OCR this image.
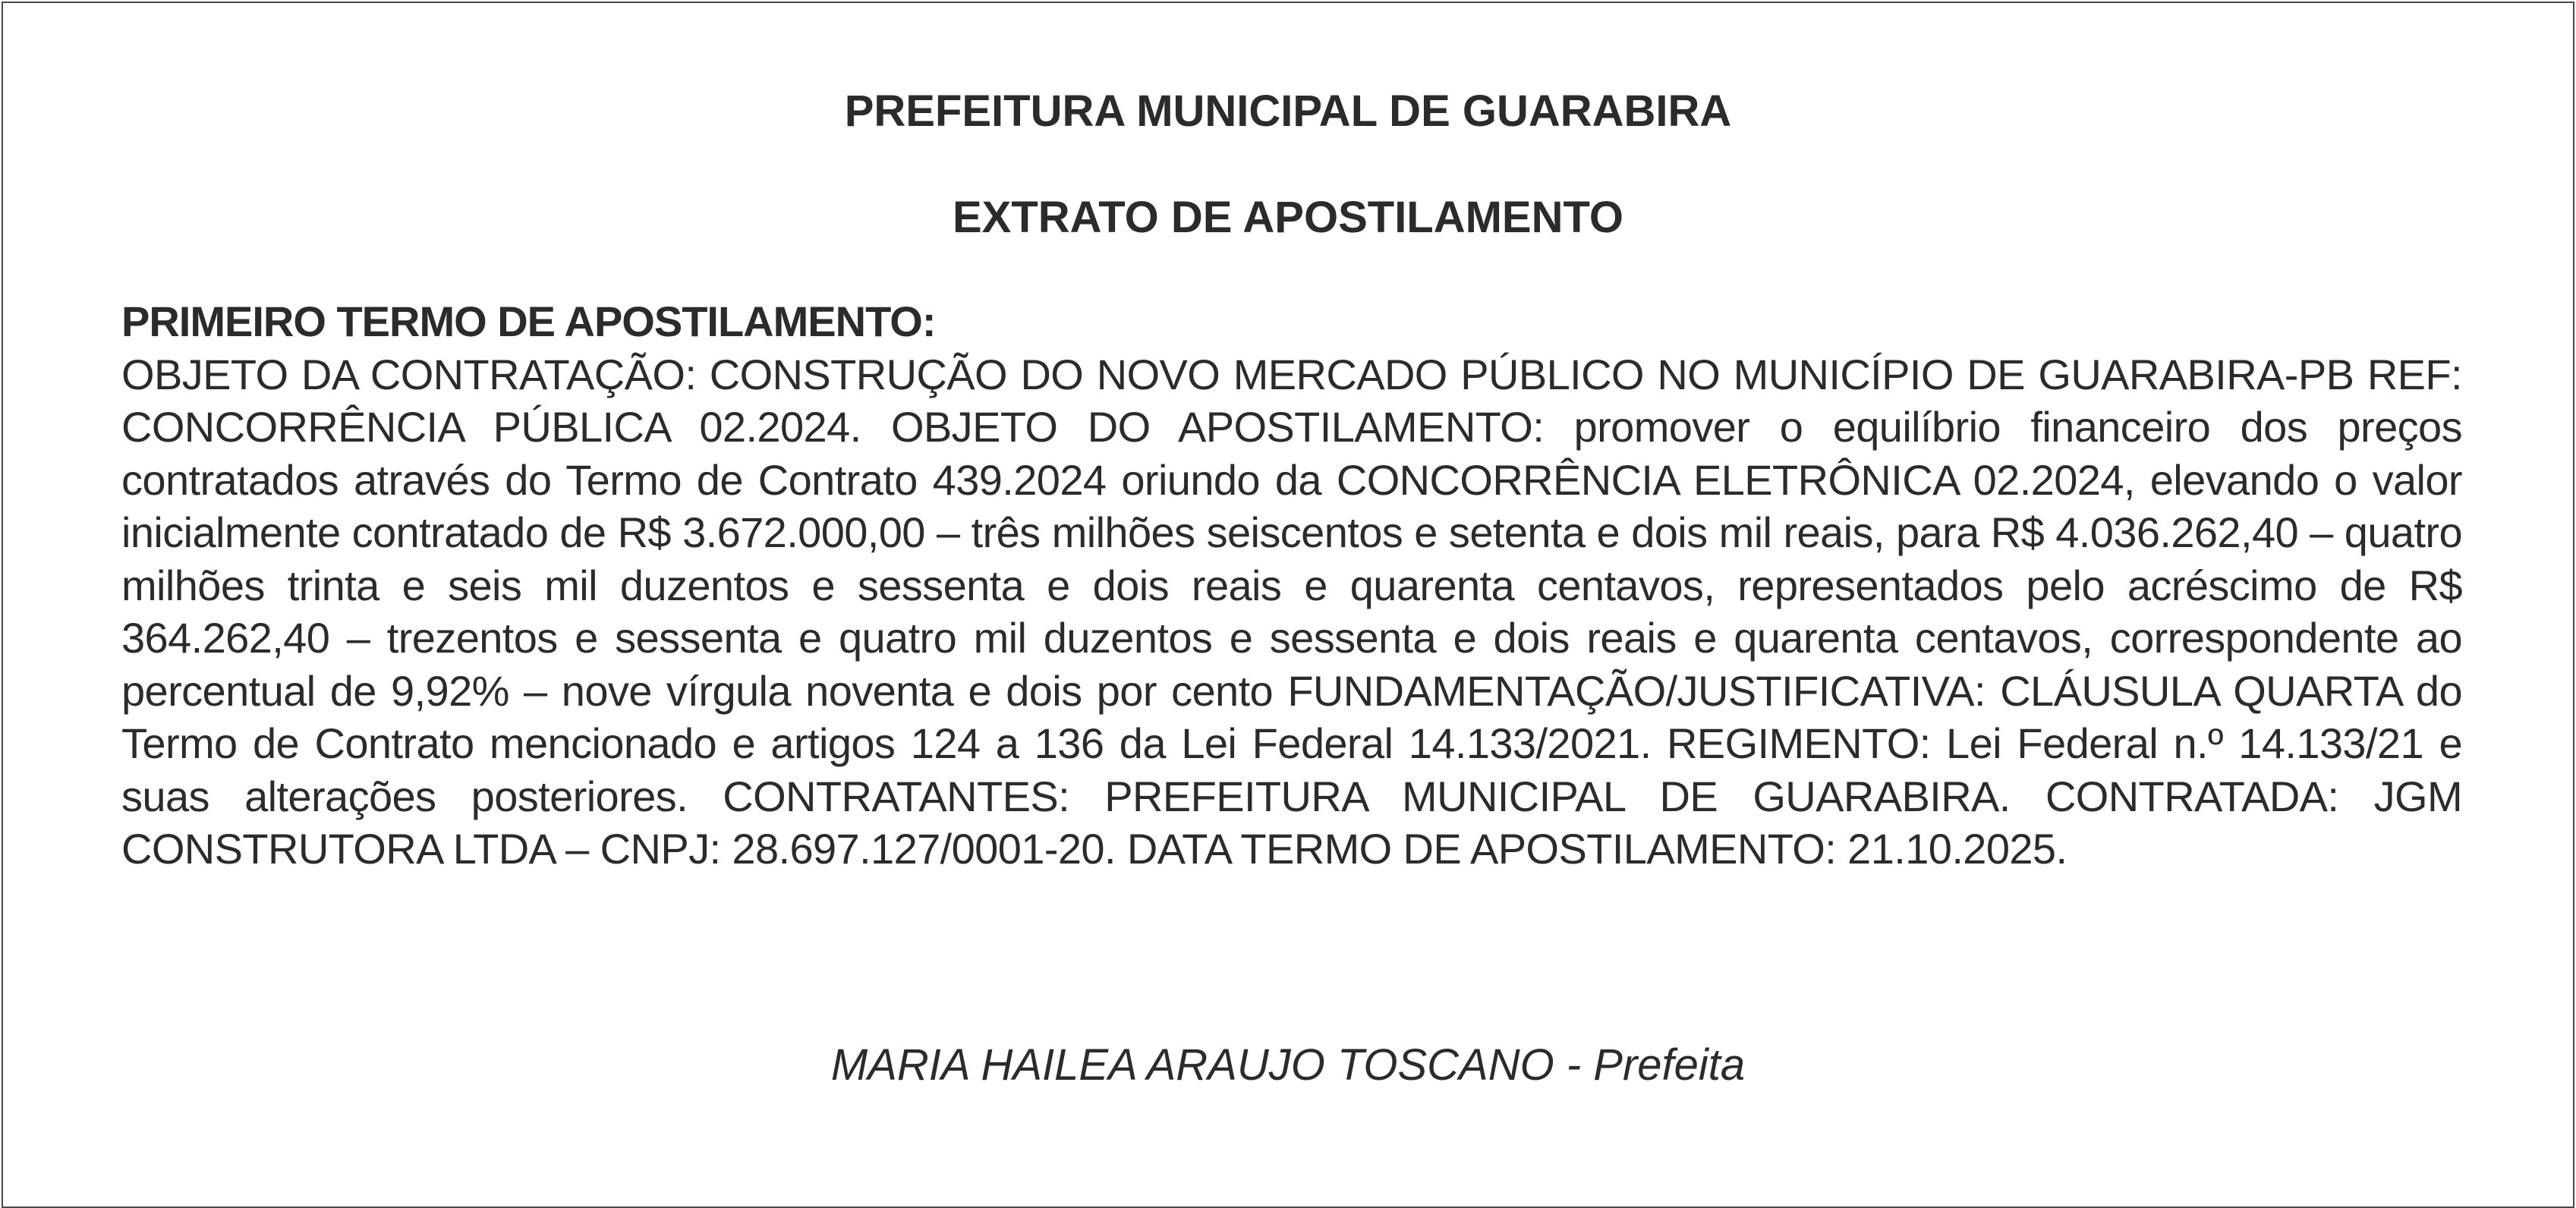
PREFEITURA MUNICIPAL DE GUARABIRA
EXTRATO DE APOSTILAMENTO
PRIMEIRO TERMO DE APOSTILAMENTO:
OBJETO DA CONTRATAÇÃO: CONSTRUÇÃO DO NOVO MERCADO PÚBLICO NO MUNICÍPIO DE GUARABIRA-PB REF: CONCORRÊNCIA PÚBLICA 02.2024. OBJETO DO APOSTILAMENTO: promover o equilíbrio financeiro dos preços contratados através do Termo de Contrato 439.2024 oriundo da CONCORRÊNCIA ELETRÔNICA 02.2024, elevando o valor inicialmente contratado de R$ 3.672.000,00 – três milhões seiscentos e setenta e dois mil reais, para R$ 4.036.262,40 – quatro milhões trinta e seis mil duzentos e sessenta e dois reais e quarenta centavos, representados pelo acréscimo de R$ 364.262,40 – trezentos e sessenta e quatro mil duzentos e sessenta e dois reais e quarenta centavos, correspondente ao percentual de 9,92% – nove vírgula noventa e dois por cento FUNDAMENTAÇÃO/JUSTIFICATIVA: CLÁUSULA QUARTA do Termo de Contrato mencionado e artigos 124 a 136 da Lei Federal 14.133/2021. REGIMENTO: Lei Federal n.º 14.133/21 e suas alterações posteriores. CONTRATANTES: PREFEITURA MUNICIPAL DE GUARABIRA. CONTRATADA: JGM CONSTRUTORA LTDA – CNPJ: 28.697.127/0001-20. DATA TERMO DE APOSTILAMENTO: 21.10.2025.
MARIA HAILEA ARAUJO TOSCANO - Prefeita
